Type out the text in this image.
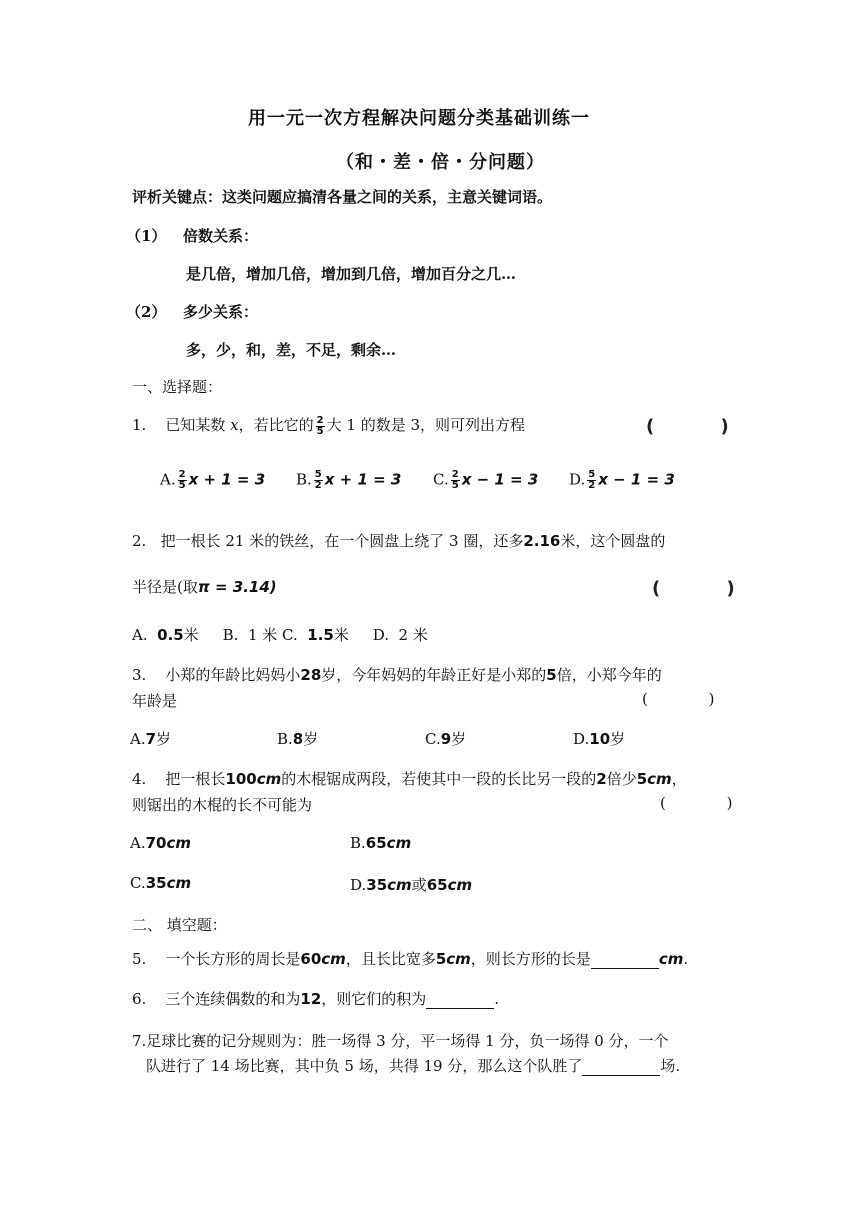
用一元一次方程解决问题分类基础训练一
（和・差・倍・分问题）
评析关键点：这类问题应搞清各量之间的关系，主意关键词语。
（1） 倍数关系：
是几倍，增加几倍，增加到几倍，增加百分之几…
（2） 多少关系：
多，少，和，差，不足，剩余…
一、选择题：
1. 已知某数 x，若比它的 $\frac{2}{5}$ 大 1 的数是 3，则可列出方程	( )
A. $\frac{2}{5}$ x + 1 = 3 B. $\frac{5}{2}$ x + 1 = 3 C. $\frac{2}{5}$ x − 1 = 3 D. $\frac{5}{2}$ x − 1 = 3
2. 把一根长 21 米的铁丝，在一个圆盘上绕了 3 圈，还多2.16米，这个圆盘的
半径是(取π = 3.14)	( )
A. 0.5米 B. 1 米 C. 1.5米 D. 2 米
3. 小郑的年龄比妈妈小28岁，今年妈妈的年龄正好是小郑的5倍，小郑今年的
年龄是	( )
A.7岁	B.8岁	C.9岁	D.10岁
4. 把一根长100cm的木棍锯成两段，若使其中一段的长比另一段的2倍少5cm，
则锯出的木棍的长不可能为	( )
A.70cm	B.65cm
C.35cm	D.35cm或65cm
二、 填空题：
5. 一个长方形的周长是60cm，且长比宽多5cm，则长方形的长是	cm.
6. 三个连续偶数的和为12，则它们的积为	.
7.足球比赛的记分规则为：胜一场得 3 分，平一场得 1 分，负一场得 0 分，一个
队进行了 14 场比赛，其中负 5 场，共得 19 分，那么这个队胜了	场.
